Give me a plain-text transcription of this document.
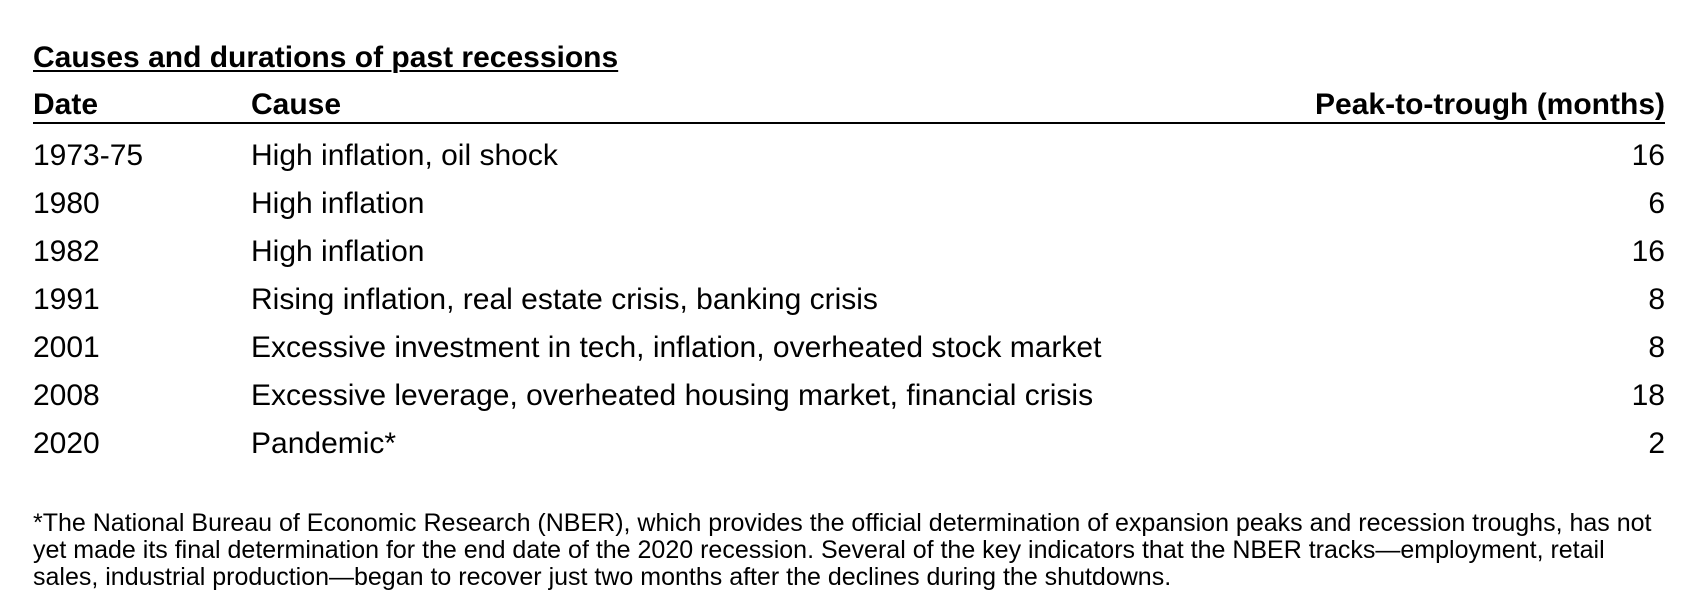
Causes and durations of past recessions
Date	Cause	Peak-to-trough (months)
1973-75	High inflation, oil shock	16
1980	High inflation	6
1982	High inflation	16
1991	Rising inflation, real estate crisis, banking crisis	8
2001	Excessive investment in tech, inflation, overheated stock market	8
2008	Excessive leverage, overheated housing market, financial crisis	18
2020	Pandemic*	2
*The National Bureau of Economic Research (NBER), which provides the official determination of expansion peaks and recession troughs, has not yet made its final determination for the end date of the 2020 recession. Several of the key indicators that the NBER tracks—employment, retail sales, industrial production—began to recover just two months after the declines during the shutdowns.
